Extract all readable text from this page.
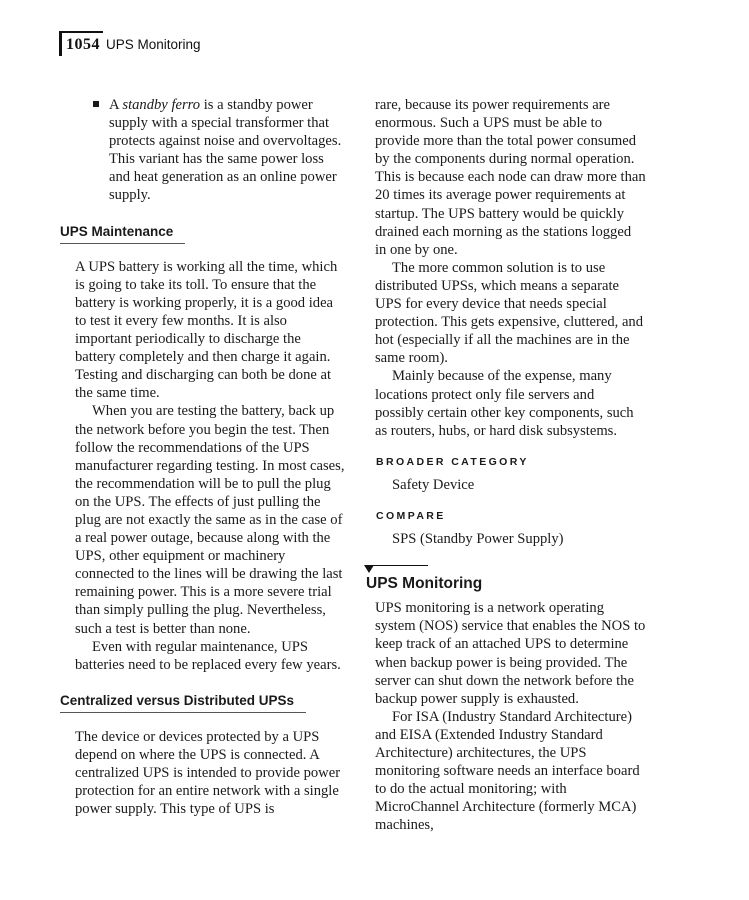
1054 UPS Monitoring

A standby ferro is a standby power supply with a special transformer that protects against noise and overvoltages. This variant has the same power loss and heat generation as an online power supply.

UPS Maintenance

A UPS battery is working all the time, which is going to take its toll. To ensure that the battery is working properly, it is a good idea to test it every few months. It is also important periodically to discharge the battery completely and then charge it again. Testing and discharging can both be done at the same time.

When you are testing the battery, back up the network before you begin the test. Then follow the recommendations of the UPS manufacturer regarding testing. In most cases, the recommendation will be to pull the plug on the UPS. The effects of just pulling the plug are not exactly the same as in the case of a real power outage, because along with the UPS, other equipment or machinery connected to the lines will be drawing the last remaining power. This is a more severe trial than simply pulling the plug. Nevertheless, such a test is better than none.

Even with regular maintenance, UPS batteries need to be replaced every few years.

Centralized versus Distributed UPSs

The device or devices protected by a UPS depend on where the UPS is connected. A centralized UPS is intended to provide power protection for an entire network with a single power supply. This type of UPS is

rare, because its power requirements are enormous. Such a UPS must be able to provide more than the total power consumed by the components during normal operation. This is because each node can draw more than 20 times its average power requirements at startup. The UPS battery would be quickly drained each morning as the stations logged in one by one.

The more common solution is to use distributed UPSs, which means a separate UPS for every device that needs special protection. This gets expensive, cluttered, and hot (especially if all the machines are in the same room).

Mainly because of the expense, many locations protect only file servers and possibly certain other key components, such as routers, hubs, or hard disk subsystems.

BROADER CATEGORY

Safety Device

COMPARE

SPS (Standby Power Supply)

UPS Monitoring

UPS monitoring is a network operating system (NOS) service that enables the NOS to keep track of an attached UPS to determine when backup power is being provided. The server can shut down the network before the backup power supply is exhausted.

For ISA (Industry Standard Architecture) and EISA (Extended Industry Standard Architecture) architectures, the UPS monitoring software needs an interface board to do the actual monitoring; with MicroChannel Architecture (formerly MCA) machines,
